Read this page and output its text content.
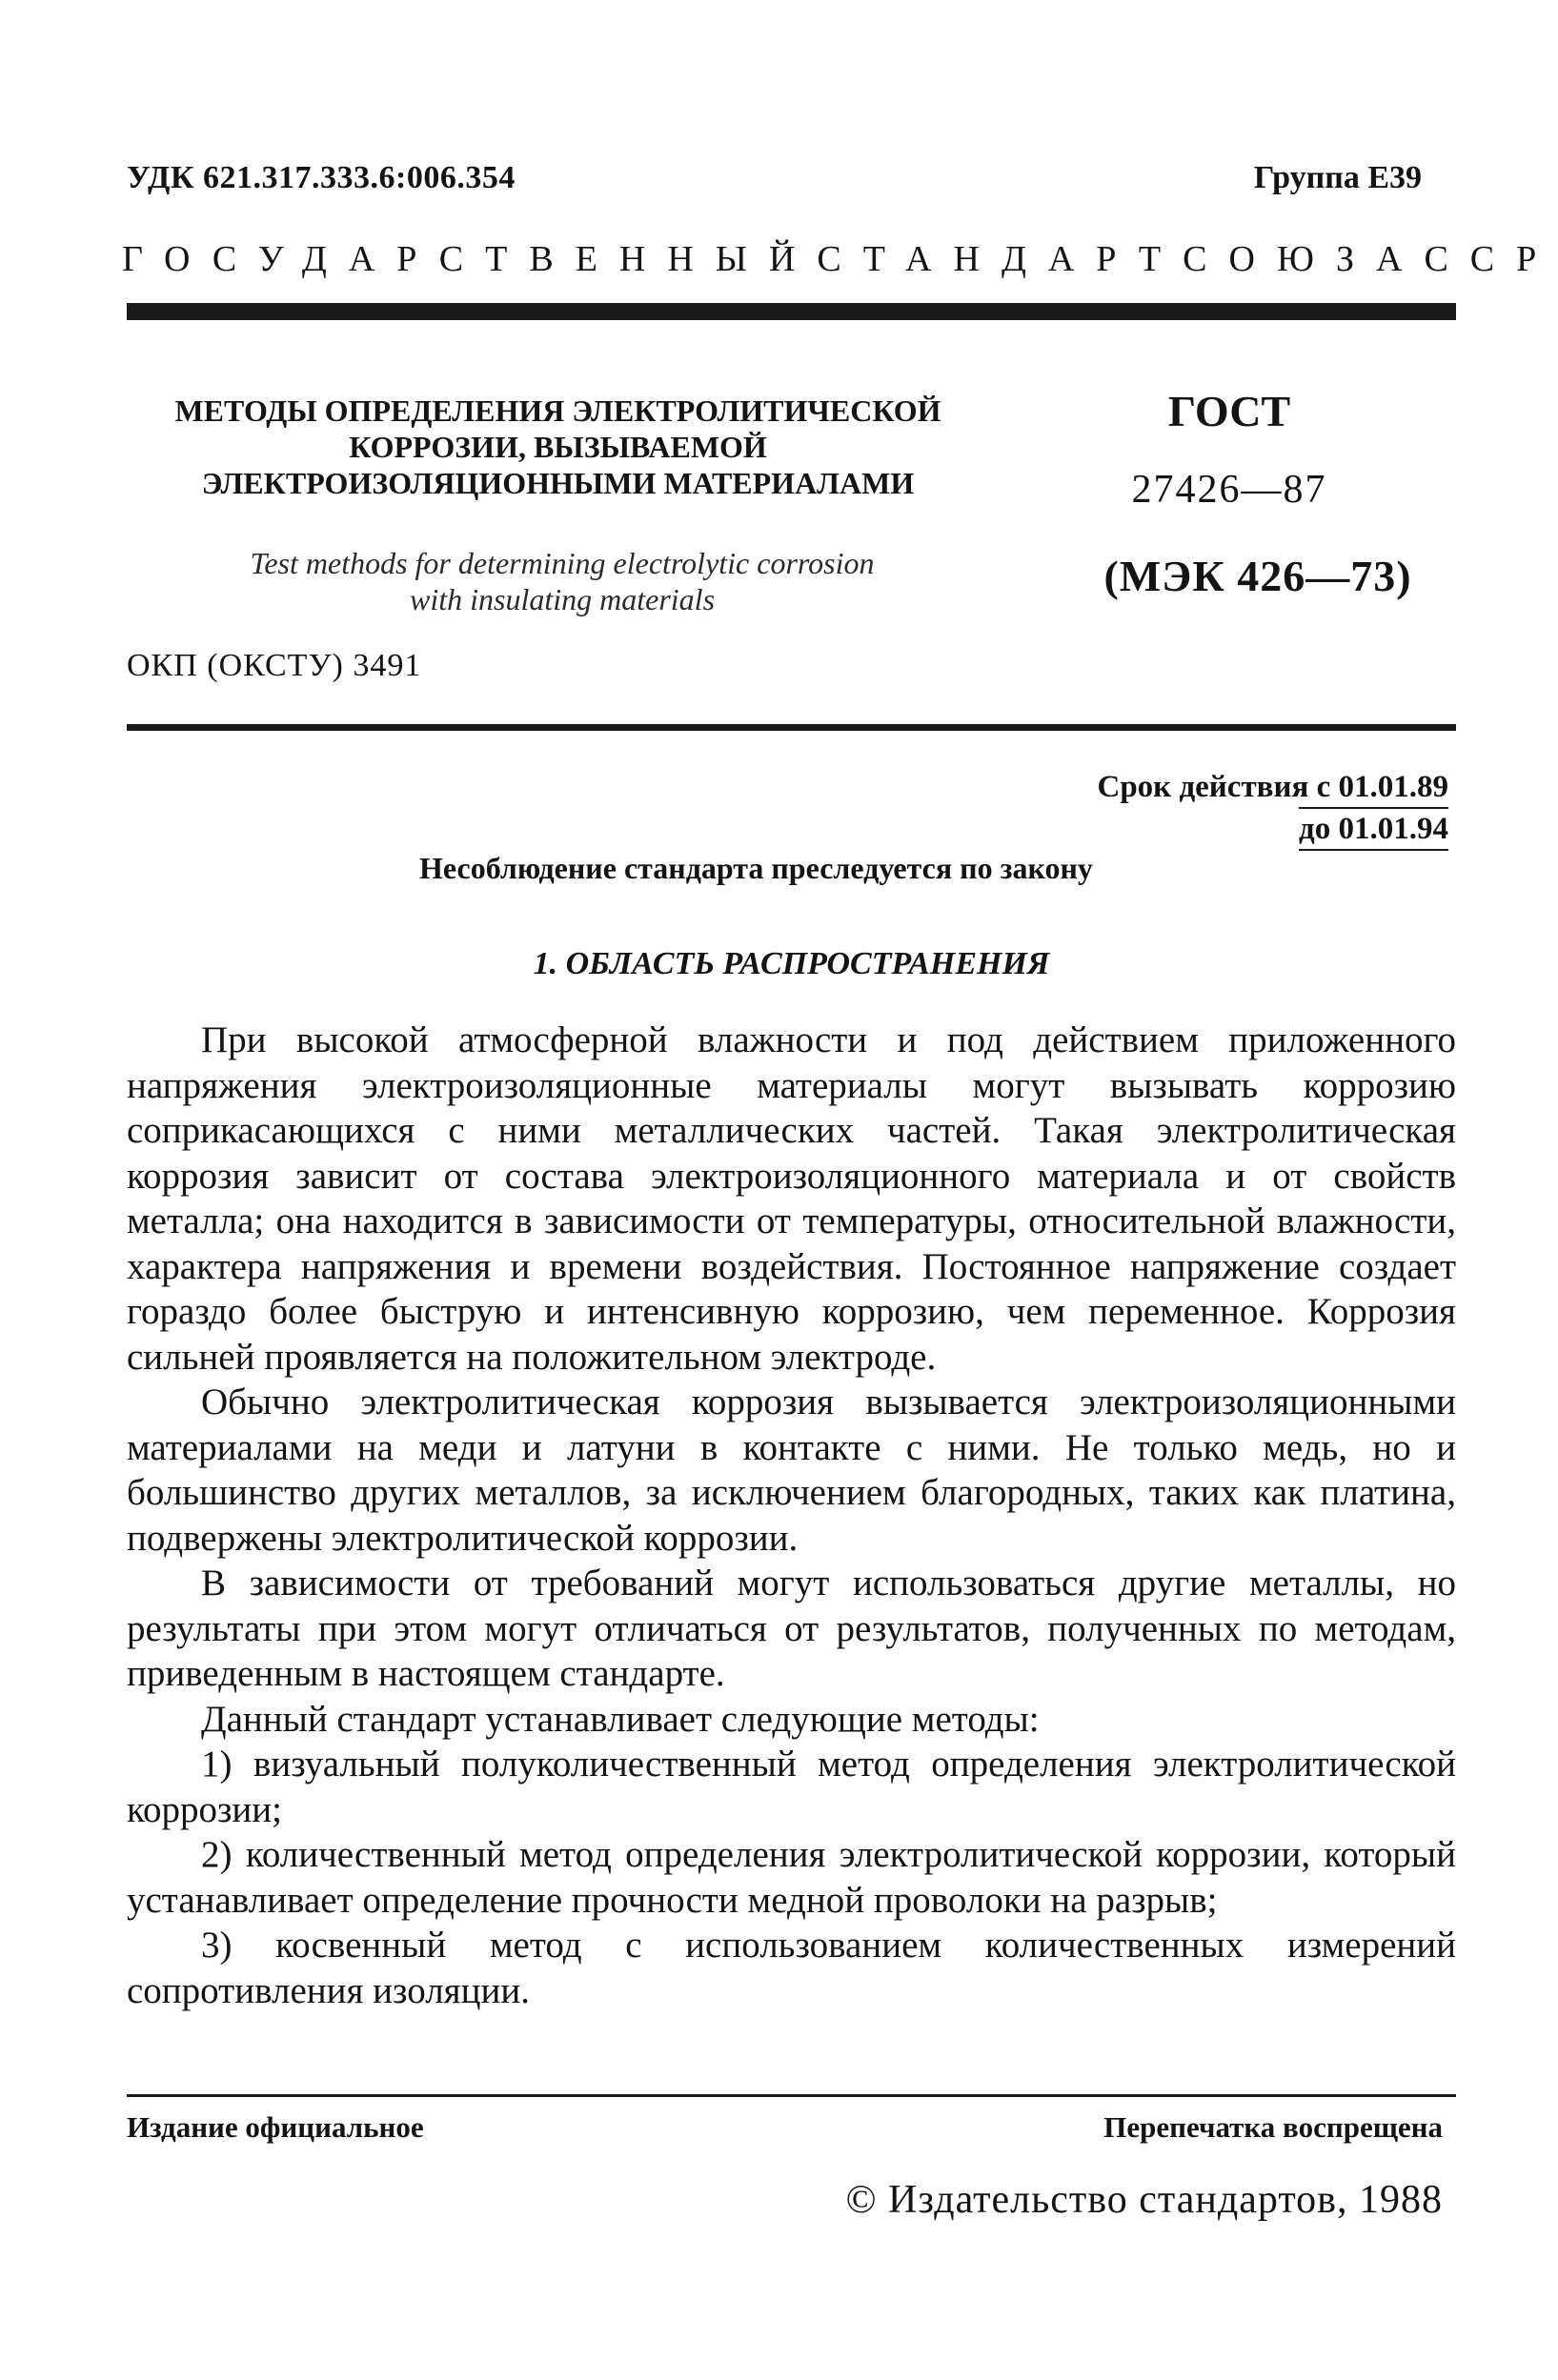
УДК 621.317.333.6:006.354	Группа Е39
ГОСУДАРСТВЕННЫЙ СТАНДАРТ СОЮЗА ССР
МЕТОДЫ ОПРЕДЕЛЕНИЯ ЭЛЕКТРОЛИТИЧЕСКОЙ КОРРОЗИИ, ВЫЗЫВАЕМОЙ ЭЛЕКТРОИЗОЛЯЦИОННЫМИ МАТЕРИАЛАМИ
Test methods for determining electrolytic corrosion with insulating materials
ГОСТ
27426—87
(МЭК 426—73)
ОКП (ОКСТУ) 3491
Срок действия с 01.01.89
до 01.01.94
Несоблюдение стандарта преследуется по закону
1. ОБЛАСТЬ РАСПРОСТРАНЕНИЯ

При высокой атмосферной влажности и под действием приложенного напряжения электроизоляционные материалы могут вызывать коррозию соприкасающихся с ними металлических частей. Такая электролитическая коррозия зависит от состава электроизоляционного материала и от свойств металла; она находится в зависимости от температуры, относительной влажности, характера напряжения и времени воздействия. Постоянное напряжение создает гораздо более быструю и интенсивную коррозию, чем переменное. Коррозия сильней проявляется на положительном электроде.

Обычно электролитическая коррозия вызывается электроизоляционными материалами на меди и латуни в контакте с ними. Не только медь, но и большинство других металлов, за исключением благородных, таких как платина, подвержены электролитической коррозии.

В зависимости от требований могут использоваться другие металлы, но результаты при этом могут отличаться от результатов, полученных по методам, приведенным в настоящем стандарте.

Данный стандарт устанавливает следующие методы:

1) визуальный полуколичественный метод определения электролитической коррозии;

2) количественный метод определения электролитической коррозии, который устанавливает определение прочности медной проволоки на разрыв;

3) косвенный метод с использованием количественных измерений сопротивления изоляции.

Издание официальное	Перепечатка воспрещена
© Издательство стандартов, 1988
